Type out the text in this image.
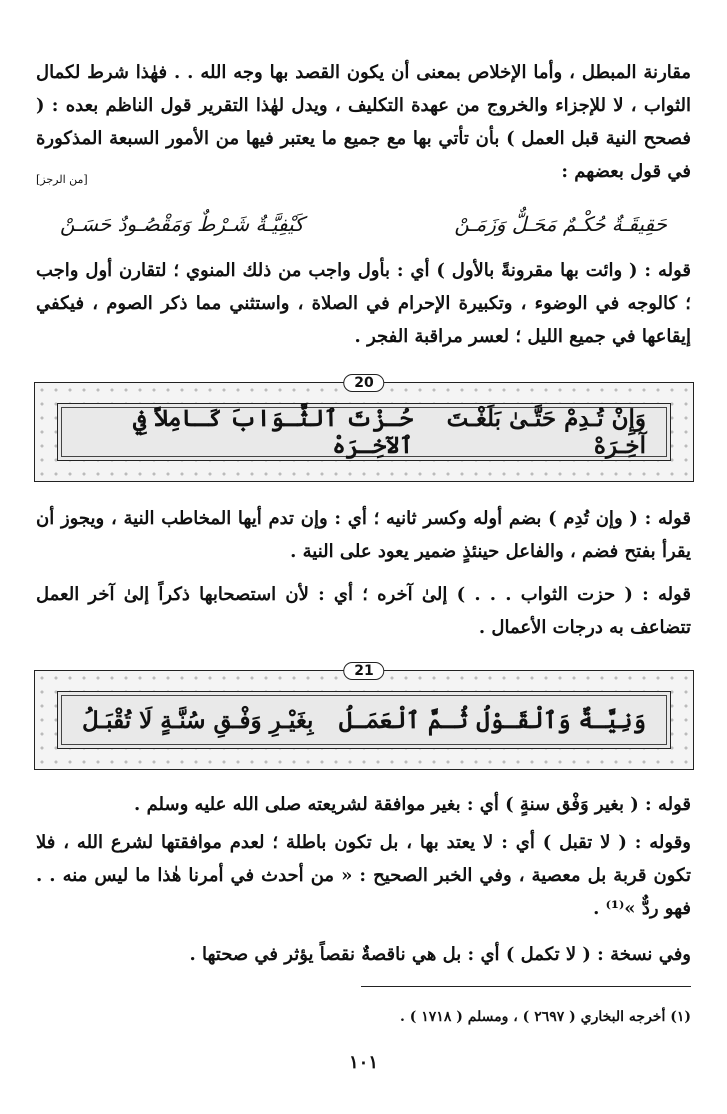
مقارنة المبطل ، وأما الإخلاص بمعنى أن يكون القصد بها وجه الله . . فهٰذا شرط لكمال الثواب ، لا للإجزاء والخروج من عهدة التكليف ، ويدل لهٰذا التقرير قول الناظم بعده : ( فصحح النية قبل العمل ) بأن تأتي بها مع جميع ما يعتبر فيها من الأمور السبعة المذكورة في قول بعضهم :
[من الرجز]
حَقِيقَـةٌ حُكْـمٌ مَحَـلٌّ وَزَمَـنْ
كَيْفِيَّـةٌ شَـرْطٌ وَمَقْصُـودٌ حَسَـنْ
قوله : ( وائت بها مقرونةً بالأول ) أي : بأول واجب من ذلك المنوي ؛ لتقارن أول واجب ؛ كالوجه في الوضوء ، وتكبيرة الإحرام في الصلاة ، واستثني مما ذكر الصوم ، فيكفي إيقاعها في جميع الليل ؛ لعسر مراقبة الفجر .
20
وَإِنْ تُـدِمْ حَتَّـىٰ بَلَغْـتَ آخِـرَهْ
حُـزْتَ ٱلثَّـوَابَ كَـامِلاً فِي ٱلآخِـرَهْ
قوله : ( وإن تُدِم ) بضم أوله وكسر ثانيه ؛ أي : وإن تدم أيها المخاطب النية ، ويجوز أن يقرأ بفتح فضم ، والفاعل حينئذٍ ضمير يعود على النية .
قوله : ( حزت الثواب . . . ) إلىٰ آخره ؛ أي : لأن استصحابها ذكراً إلىٰ آخر العمل تتضاعف به درجات الأعمال .
21
وَنِيَّـةٌ وَٱلْقَـوْلُ ثُـمَّ ٱلْعَمَـلُ
بِغَيْـرِ وَفْـقِ سُنَّـةٍ لَا تُقْبَـلُ
قوله : ( بغير وَفْق سنةٍ ) أي : بغير موافقة لشريعته صلى الله عليه وسلم .
وقوله : ( لا تقبل ) أي : لا يعتد بها ، بل تكون باطلة ؛ لعدم موافقتها لشرع الله ، فلا تكون قربة بل معصية ، وفي الخبر الصحيح : « من أحدث في أمرنا هٰذا ما ليس منه . . فهو ردٌّ »⁽¹⁾ .
وفي نسخة : ( لا تكمل ) أي : بل هي ناقصةٌ نقصاً يؤثر في صحتها .
(١) أخرجه البخاري ( ٢٦٩٧ ) ، ومسلم ( ١٧١٨ ) .
١٠١
